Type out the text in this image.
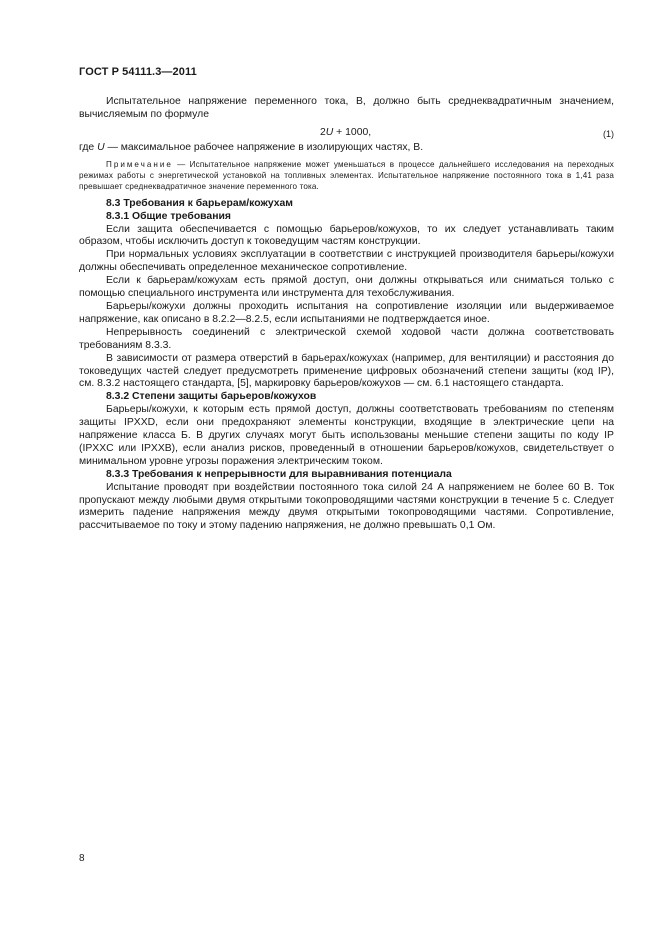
ГОСТ Р 54111.3—2011

Испытательное напряжение переменного тока, В, должно быть среднеквадратичным значением, вычисляемым по формуле

2U + 1000,	(1)

где U — максимальное рабочее напряжение в изолирующих частях, В.

Примечание — Испытательное напряжение может уменьшаться в процессе дальнейшего исследования на переходных режимах работы с энергетической установкой на топливных элементах. Испытательное напряжение постоянного тока в 1,41 раза превышает среднеквадратичное значение переменного тока.

8.3 Требования к барьерам/кожухам

8.3.1 Общие требования

Если защита обеспечивается с помощью барьеров/кожухов, то их следует устанавливать таким образом, чтобы исключить доступ к токоведущим частям конструкции.

При нормальных условиях эксплуатации в соответствии с инструкцией производителя барьеры/кожухи должны обеспечивать определенное механическое сопротивление.

Если к барьерам/кожухам есть прямой доступ, они должны открываться или сниматься только с помощью специального инструмента или инструмента для техобслуживания.

Барьеры/кожухи должны проходить испытания на сопротивление изоляции или выдерживаемое напряжение, как описано в 8.2.2—8.2.5, если испытаниями не подтверждается иное.

Непрерывность соединений с электрической схемой ходовой части должна соответствовать требованиям 8.3.3.

В зависимости от размера отверстий в барьерах/кожухах (например, для вентиляции) и расстояния до токоведущих частей следует предусмотреть применение цифровых обозначений степени защиты (код IP), см. 8.3.2 настоящего стандарта, [5], маркировку барьеров/кожухов — см. 6.1 настоящего стандарта.

8.3.2 Степени защиты барьеров/кожухов

Барьеры/кожухи, к которым есть прямой доступ, должны соответствовать требованиям по степеням защиты IPXXD, если они предохраняют элементы конструкции, входящие в электрические цепи на напряжение класса Б. В других случаях могут быть использованы меньшие степени защиты по коду IP (IPXXC или IPXXB), если анализ рисков, проведенный в отношении барьеров/кожухов, свидетельствует о минимальном уровне угрозы поражения электрическим током.

8.3.3 Требования к непрерывности для выравнивания потенциала

Испытание проводят при воздействии постоянного тока силой 24 А напряжением не более 60 В. Ток пропускают между любыми двумя открытыми токопроводящими частями конструкции в течение 5 с. Следует измерить падение напряжения между двумя открытыми токопроводящими частями. Сопротивление, рассчитываемое по току и этому падению напряжения, не должно превышать 0,1 Ом.

8
